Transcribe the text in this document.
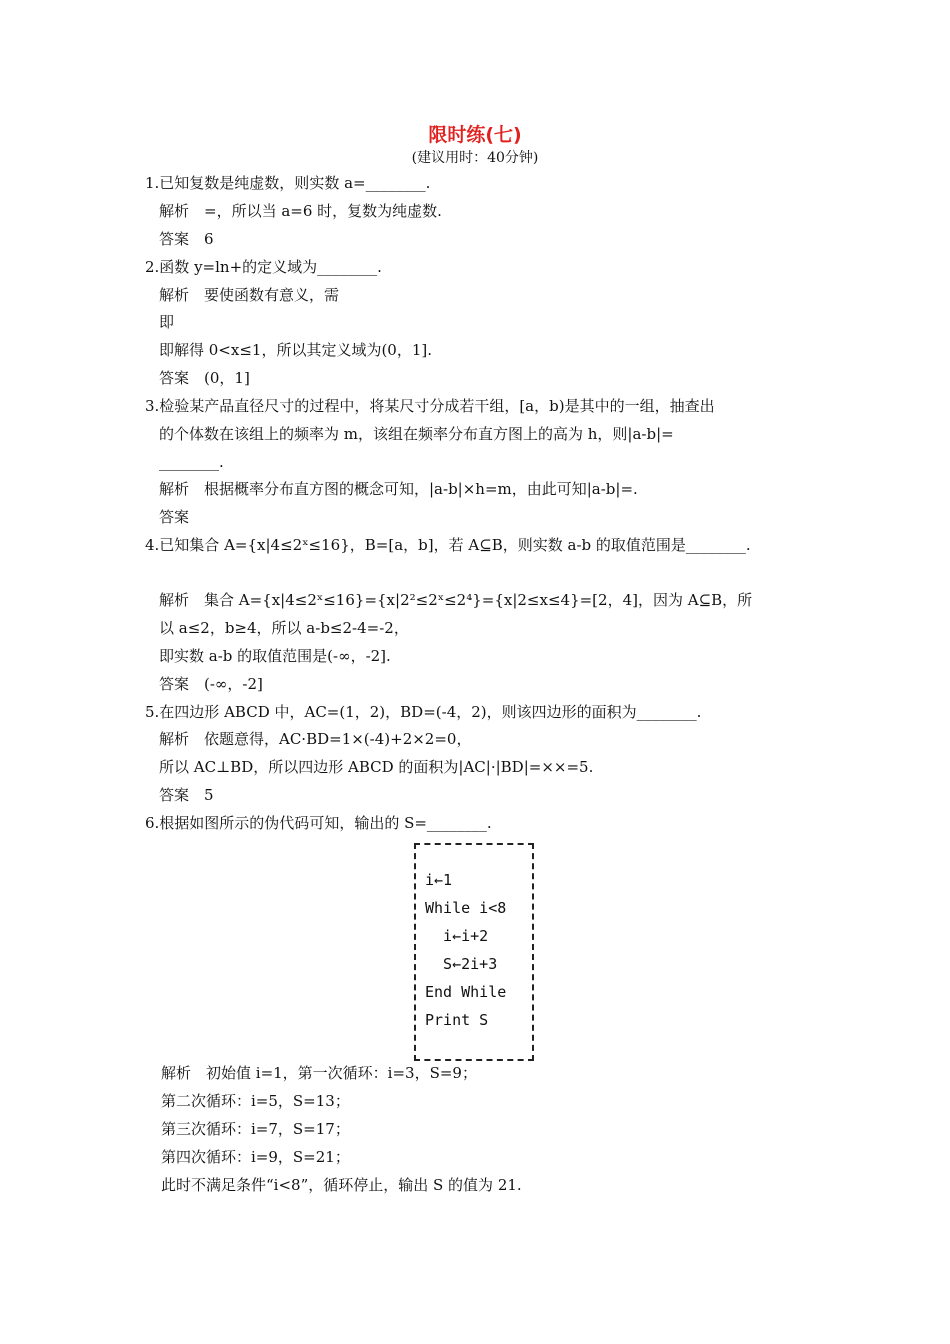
限时练(七)
(建议用时：40分钟)
1.已知复数是纯虚数，则实数 a=________.
解析　=，所以当 a=6 时，复数为纯虚数.
答案　6
2.函数 y=ln+的定义域为________.
解析　要使函数有意义，需
即
即解得 0<x≤1，所以其定义域为(0，1].
答案　(0，1]
3.检验某产品直径尺寸的过程中，将某尺寸分成若干组，[a，b)是其中的一组，抽查出
的个体数在该组上的频率为 m，该组在频率分布直方图上的高为 h，则|a-b|=
________.
解析　根据概率分布直方图的概念可知，|a-b|×h=m，由此可知|a-b|=.
答案
4.已知集合 A={x|4≤2ˣ≤16}，B=[a，b]，若 A⊆B，则实数 a-b 的取值范围是________.
解析　集合 A={x|4≤2ˣ≤16}={x|2²≤2ˣ≤2⁴}={x|2≤x≤4}=[2，4]，因为 A⊆B，所
以 a≤2，b≥4，所以 a-b≤2-4=-2，
即实数 a-b 的取值范围是(-∞，-2].
答案　(-∞，-2]
5.在四边形 ABCD 中，AC=(1，2)，BD=(-4，2)，则该四边形的面积为________.
解析　依题意得，AC·BD=1×(-4)+2×2=0，
所以 AC⊥BD，所以四边形 ABCD 的面积为|AC|·|BD|=××=5.
答案　5
6.根据如图所示的伪代码可知，输出的 S=________.
i←1
While i<8
i←i+2
S←2i+3
End While
Print S
解析　初始值 i=1，第一次循环：i=3，S=9；
第二次循环：i=5，S=13；
第三次循环：i=7，S=17；
第四次循环：i=9，S=21；
此时不满足条件“i<8”，循环停止，输出 S 的值为 21.
